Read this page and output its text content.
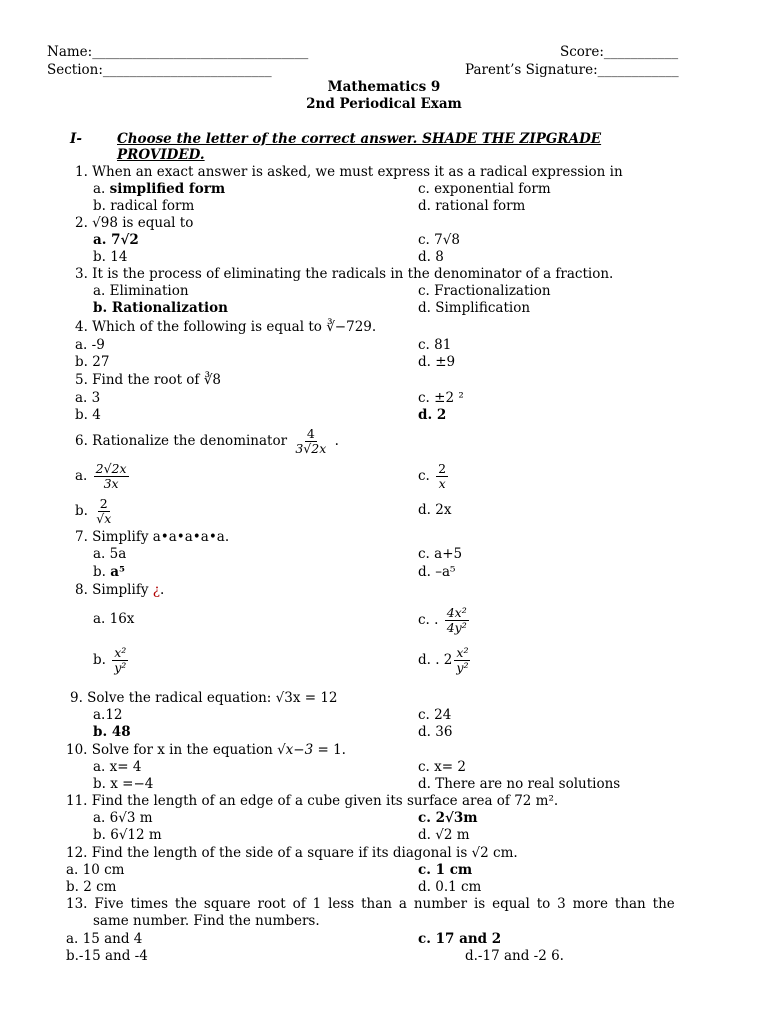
Name:________________________________	Score:___________
Section:_________________________	Parent’s Signature:____________
Mathematics 9
2nd Periodical Exam
I-	Choose the letter of the correct answer. SHADE THE ZIPGRADE
PROVIDED.
1. When an exact answer is asked, we must express it as a radical expression in
a. simplified form	c. exponential form
b. radical form	d. rational form
2. √98 is equal to
a. 7√2	c. 7√8
b. 14	d. 8
3. It is the process of eliminating the radicals in the denominator of a fraction.
a. Elimination	c. Fractionalization
b. Rationalization	d. Simplification
4. Which of the following is equal to ∛−729.
a. -9	c. 81
b. 27	d. ±9
5. Find the root of ∛8
a. 3	c. ±2 ²
b. 4	d. 2
6. Rationalize the denominator $\frac{4}{3√2x}$ .
a. $\frac{2√2x}{3x}$	c. $\frac{2}{x}$
b. $\frac{2}{√x}$	d. 2x
7. Simplify a•a•a•a•a.
a. 5a	c. a+5
b. a⁵	d. –a⁵
8. Simplify ¿.
a. 16x	c. . $\frac{\text{4x²}}{\text{4y²}}$
b. $\frac{\text{x²}}{\text{y²}}$	d. . $2 \frac{\text{x²}}{\text{y²}}$
9. Solve the radical equation: √3x = 12
a.12	c. 24
b. 48	d. 36
10. Solve for x in the equation √x−3 = 1.
a. x= 4	c. x= 2
b. x =−4	d. There are no real solutions
11. Find the length of an edge of a cube given its surface area of 72 m².
a. 6√3 m	c. 2√3m
b. 6√12 m	d. √2 m
12. Find the length of the side of a square if its diagonal is √2 cm.
a. 10 cm	c. 1 cm
b. 2 cm	d. 0.1 cm
13. Five times the square root of 1 less than a number is equal to 3 more than the
same number. Find the numbers.
a. 15 and 4	c. 17 and 2
b.-15 and -4	d.-17 and -2 6.
